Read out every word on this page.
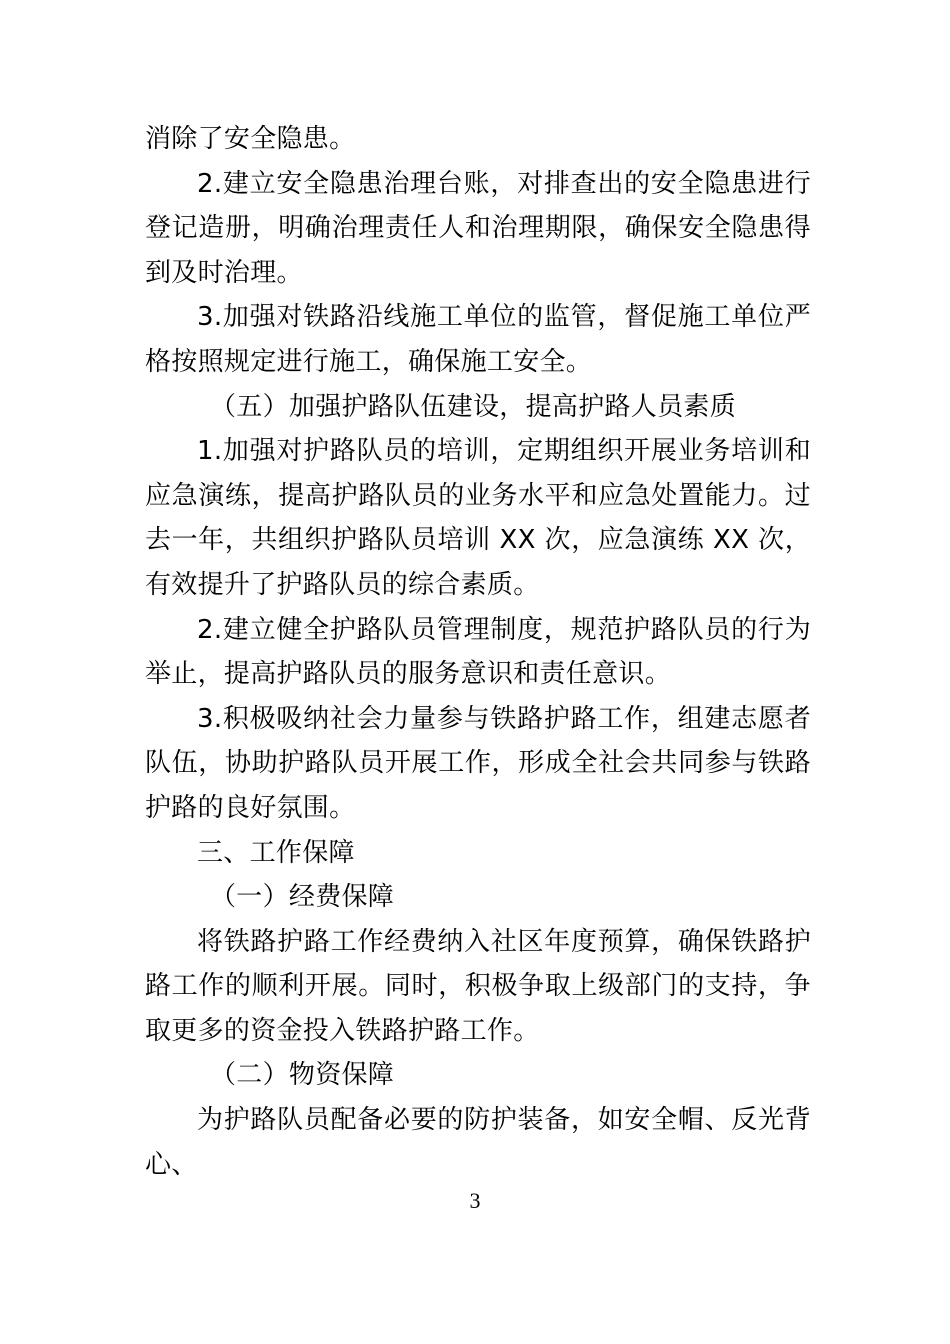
消除了安全隐患。

2.建立安全隐患治理台账，对排查出的安全隐患进行登记造册，明确治理责任人和治理期限，确保安全隐患得到及时治理。

3.加强对铁路沿线施工单位的监管，督促施工单位严格按照规定进行施工，确保施工安全。

（五）加强护路队伍建设，提高护路人员素质

1.加强对护路队员的培训，定期组织开展业务培训和应急演练，提高护路队员的业务水平和应急处置能力。过去一年，共组织护路队员培训 XX 次，应急演练 XX 次，有效提升了护路队员的综合素质。

2.建立健全护路队员管理制度，规范护路队员的行为举止，提高护路队员的服务意识和责任意识。

3.积极吸纳社会力量参与铁路护路工作，组建志愿者队伍，协助护路队员开展工作，形成全社会共同参与铁路护路的良好氛围。

三、工作保障

（一）经费保障

将铁路护路工作经费纳入社区年度预算，确保铁路护路工作的顺利开展。同时，积极争取上级部门的支持，争取更多的资金投入铁路护路工作。

（二）物资保障

为护路队员配备必要的防护装备，如安全帽、反光背心、

3
